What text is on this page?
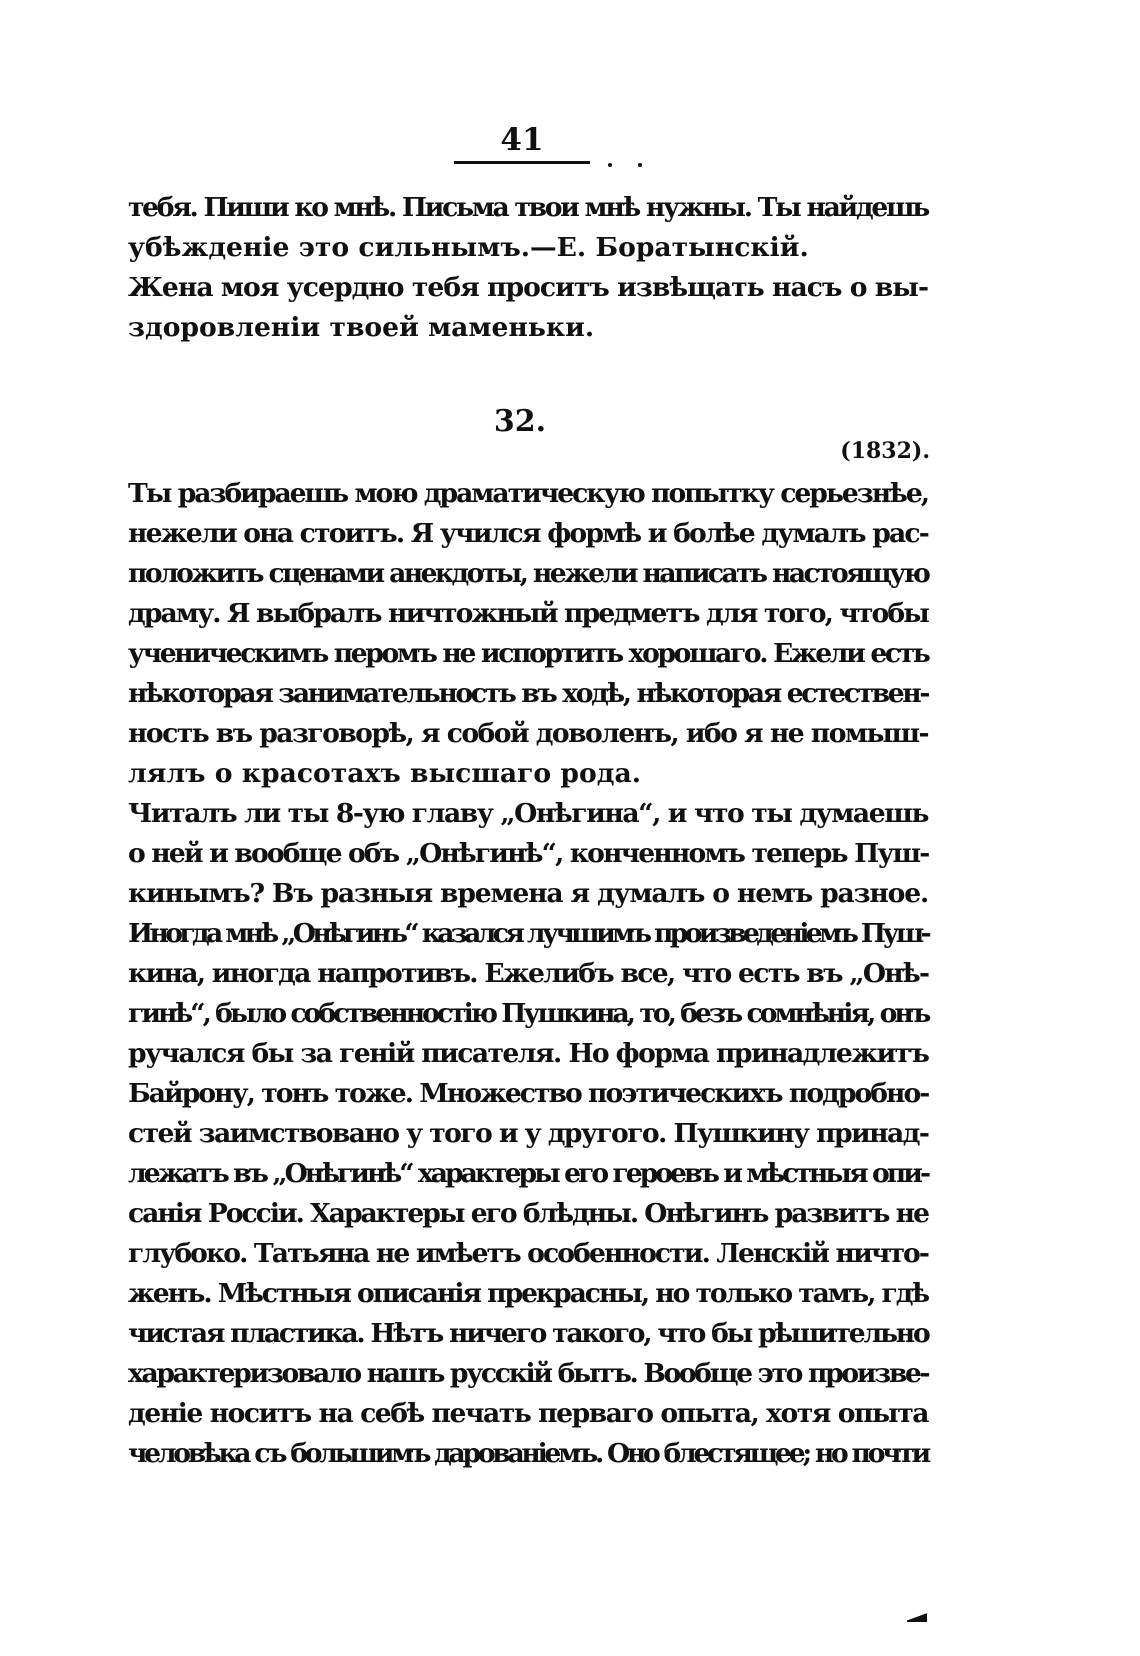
41

тебя. Пиши ко мнѣ. Письма твои мнѣ нужны. Ты найдешь
убѣжденіе это сильнымъ.—Е. Боратынскій.

Жена моя усердно тебя проситъ извѣщать насъ о вы-
здоровленіи твоей маменьки.

32.
(1832).

Ты разбираешь мою драматическую попытку серьезнѣе,
нежели она стоитъ. Я учился формѣ и болѣе думалъ рас-
положить сценами анекдоты, нежели написать настоящую
драму. Я выбралъ ничтожный предметъ для того, чтобы
ученическимъ перомъ не испортить хорошаго. Ежели есть
нѣкоторая занимательность въ ходѣ, нѣкоторая естествен-
ность въ разговорѣ, я собой доволенъ, ибо я не помыш-
лялъ о красотахъ высшаго рода.

Читалъ ли ты 8-ую главу „Онѣгина“, и что ты думаешь
о ней и вообще объ „Онѣгинѣ“, конченномъ теперь Пуш-
кинымъ? Въ разныя времена я думалъ о немъ разное.
Иногда мнѣ „Онѣгинъ“ казался лучшимъ произведеніемъ Пуш-
кина, иногда напротивъ. Ежелибъ все, что есть въ „Онѣ-
гинѣ“, было собственностію Пушкина, то, безъ сомнѣнія, онъ
ручался бы за геній писателя. Но форма принадлежитъ
Байрону, тонъ тоже. Множество поэтическихъ подробно-
стей заимствовано у того и у другого. Пушкину принад-
лежатъ въ „Онѣгинѣ“ характеры его героевъ и мѣстныя опи-
санія Россіи. Характеры его блѣдны. Онѣгинъ развитъ не
глубоко. Татьяна не имѣетъ особенности. Ленскій ничто-
женъ. Мѣстныя описанія прекрасны, но только тамъ, гдѣ
чистая пластика. Нѣтъ ничего такого, что бы рѣшительно
характеризовало нашъ русскій бытъ. Вообще это произве-
деніе носитъ на себѣ печать перваго опыта, хотя опыта
человѣка съ большимъ дарованіемъ. Оно блестящее; но почти
